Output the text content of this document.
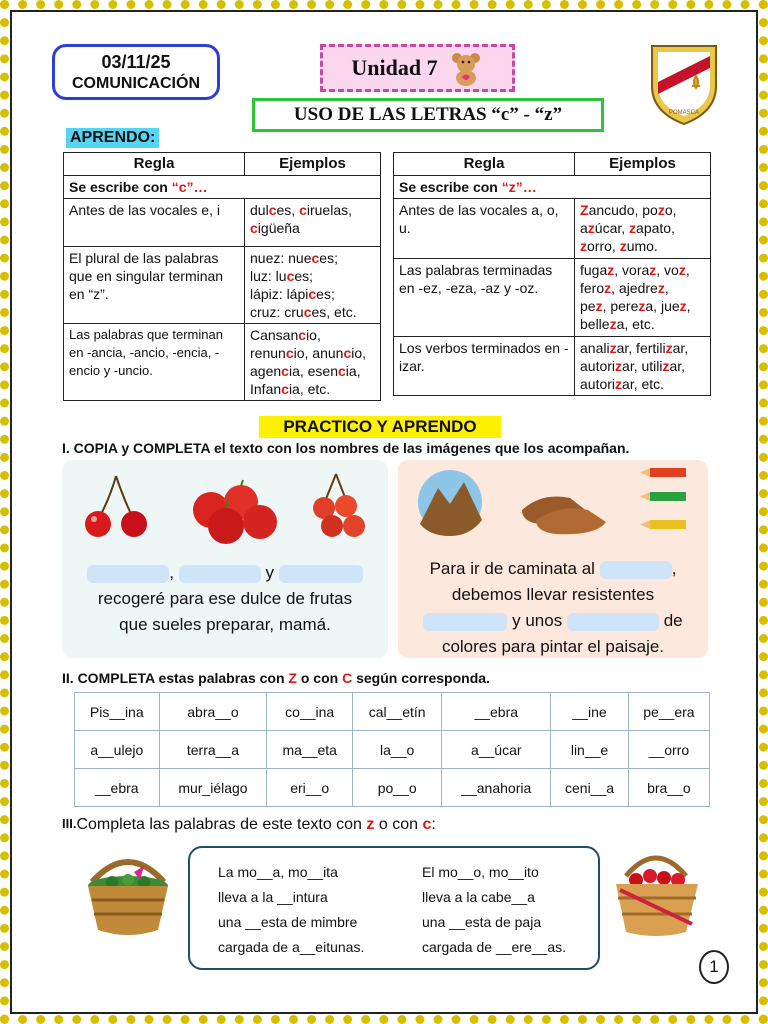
03/11/25
COMUNICACIÓN
Unidad 7
POMASCA
USO DE LAS LETRAS “c” - “z”
APRENDO:
Regla	Ejemplos
Se escribe con “c”…	
Antes de las vocales e, i	dulces, ciruelas,
cigüeña
El plural de las palabras que en singular terminan en “z”.	nuez: nueces;
luz: luces;
lápiz: lápices;
cruz: cruces, etc.
Las palabras que terminan en -ancia, -ancio, -encia, -encio y -uncio.	Cansancio,
renuncio, anuncio,
agencia, esencia,
Infancia, etc.
Regla	Ejemplos
Se escribe con “z”…	
Antes de las vocales a, o, u.	Zancudo, pozo,
azúcar, zapato,
zorro, zumo.
Las palabras terminadas en -ez, -eza, -az y -oz.	fugaz, voraz, voz,
feroz, ajedrez,
pez, pereza, juez,
belleza, etc.
Los verbos terminados en -izar.	analizar, fertilizar,
autorizar, utilizar,
autorizar, etc.
PRACTICO Y APRENDO
I. COPIA y COMPLETA el texto con los nombres de las imágenes que los acompañan.
,	y
recogeré para ese dulce de frutas
que sueles preparar, mamá.
Para ir de caminata al	,
debemos llevar resistentes
y unos	de
colores para pintar el paisaje.
II. COMPLETA estas palabras con Z o con C según corresponda.
Pis__ina	abra__o	co__ina	cal__etín	__ebra	__ine	pe__era
a__ulejo	terra__a	ma__eta	la__o	a__úcar	lin__e	__orro
__ebra	mur_iélago	eri__o	po__o	__anahoria	ceni__a	bra__o
$^{III.}$Completa las palabras de este texto con z o con c:
La mo__a, mo__ita
lleva a la __intura
una __esta de mimbre
cargada de a__eitunas.
El mo__o, mo__ito
lleva a la cabe__a
una __esta de paja
cargada de __ere__as.
1
